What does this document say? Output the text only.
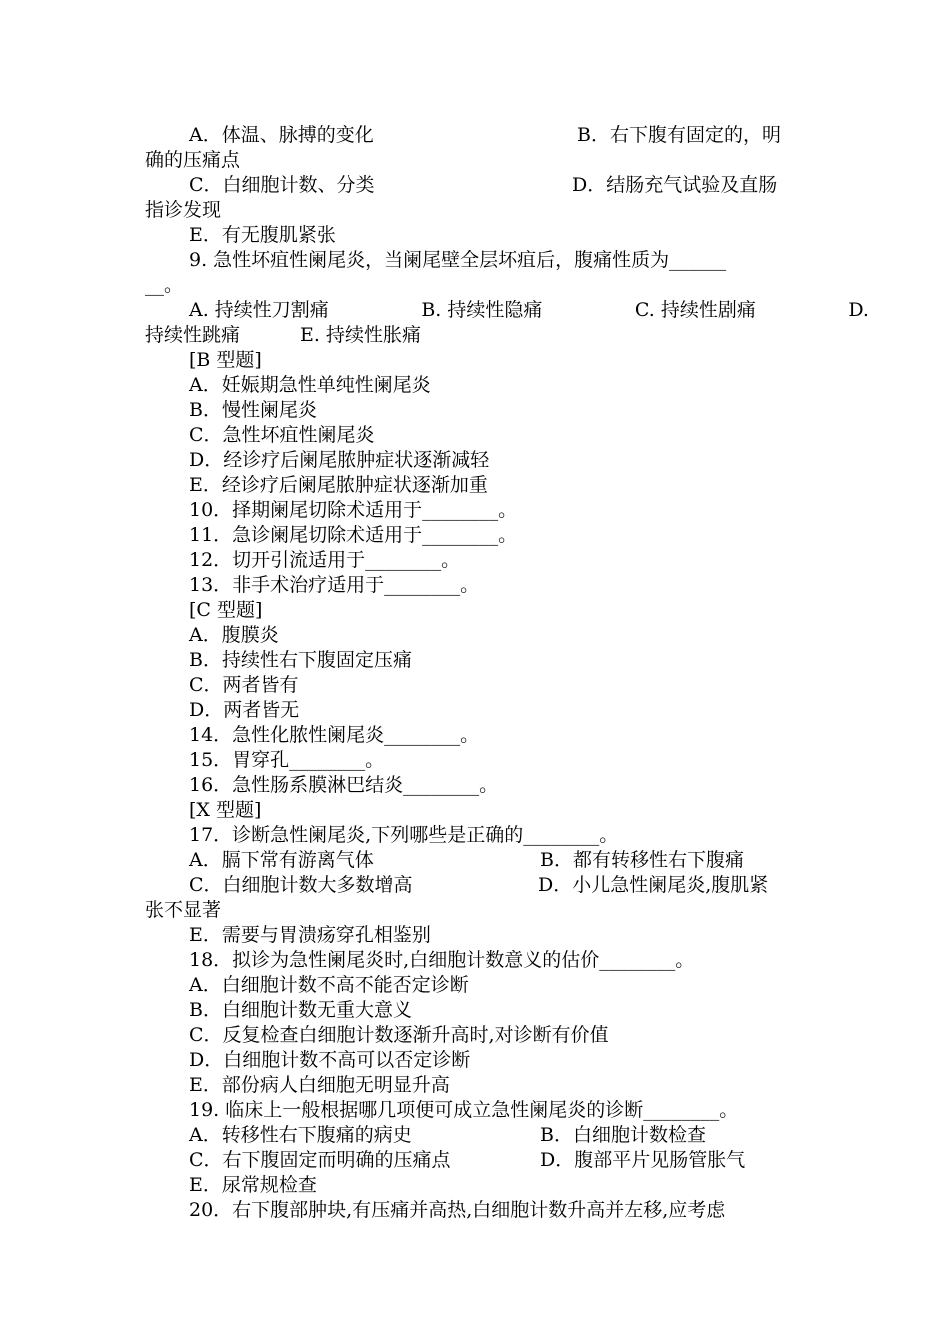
A．体温、脉搏的变化	B．右下腹有固定的，明
确的压痛点
C．白细胞计数、分类	D．结肠充气试验及直肠
指诊发现
E．有无腹肌紧张
9. 急性坏疽性阑尾炎，当阑尾壁全层坏疽后，腹痛性质为______
__。
A. 持续性刀割痛	B. 持续性隐痛	C. 持续性剧痛	D.
持续性跳痛	E. 持续性胀痛
[B 型题]
A．妊娠期急性单纯性阑尾炎
B．慢性阑尾炎
C．急性坏疽性阑尾炎
D．经诊疗后阑尾脓肿症状逐渐减轻
E．经诊疗后阑尾脓肿症状逐渐加重
10．择期阑尾切除术适用于________。
11．急诊阑尾切除术适用于________。
12．切开引流适用于________。
13．非手术治疗适用于________。
[C 型题]
A．腹膜炎
B．持续性右下腹固定压痛
C．两者皆有
D．两者皆无
14．急性化脓性阑尾炎________。
15．胃穿孔________。
16．急性肠系膜淋巴结炎________。
[X 型题]
17．诊断急性阑尾炎,下列哪些是正确的________。
A．膈下常有游离气体	B．都有转移性右下腹痛
C．白细胞计数大多数增高	D．小儿急性阑尾炎,腹肌紧
张不显著
E．需要与胃溃疡穿孔相鉴别
18．拟诊为急性阑尾炎时,白细胞计数意义的估价________。
A．白细胞计数不高不能否定诊断
B．白细胞计数无重大意义
C．反复检查白细胞计数逐渐升高时,对诊断有价值
D．白细胞计数不高可以否定诊断
E．部份病人白细胞无明显升高
19. 临床上一般根据哪几项便可成立急性阑尾炎的诊断________。
A．转移性右下腹痛的病史	B．白细胞计数检查
C．右下腹固定而明确的压痛点	D．腹部平片见肠管胀气
E．尿常规检查
20．右下腹部肿块,有压痛并高热,白细胞计数升高并左移,应考虑
